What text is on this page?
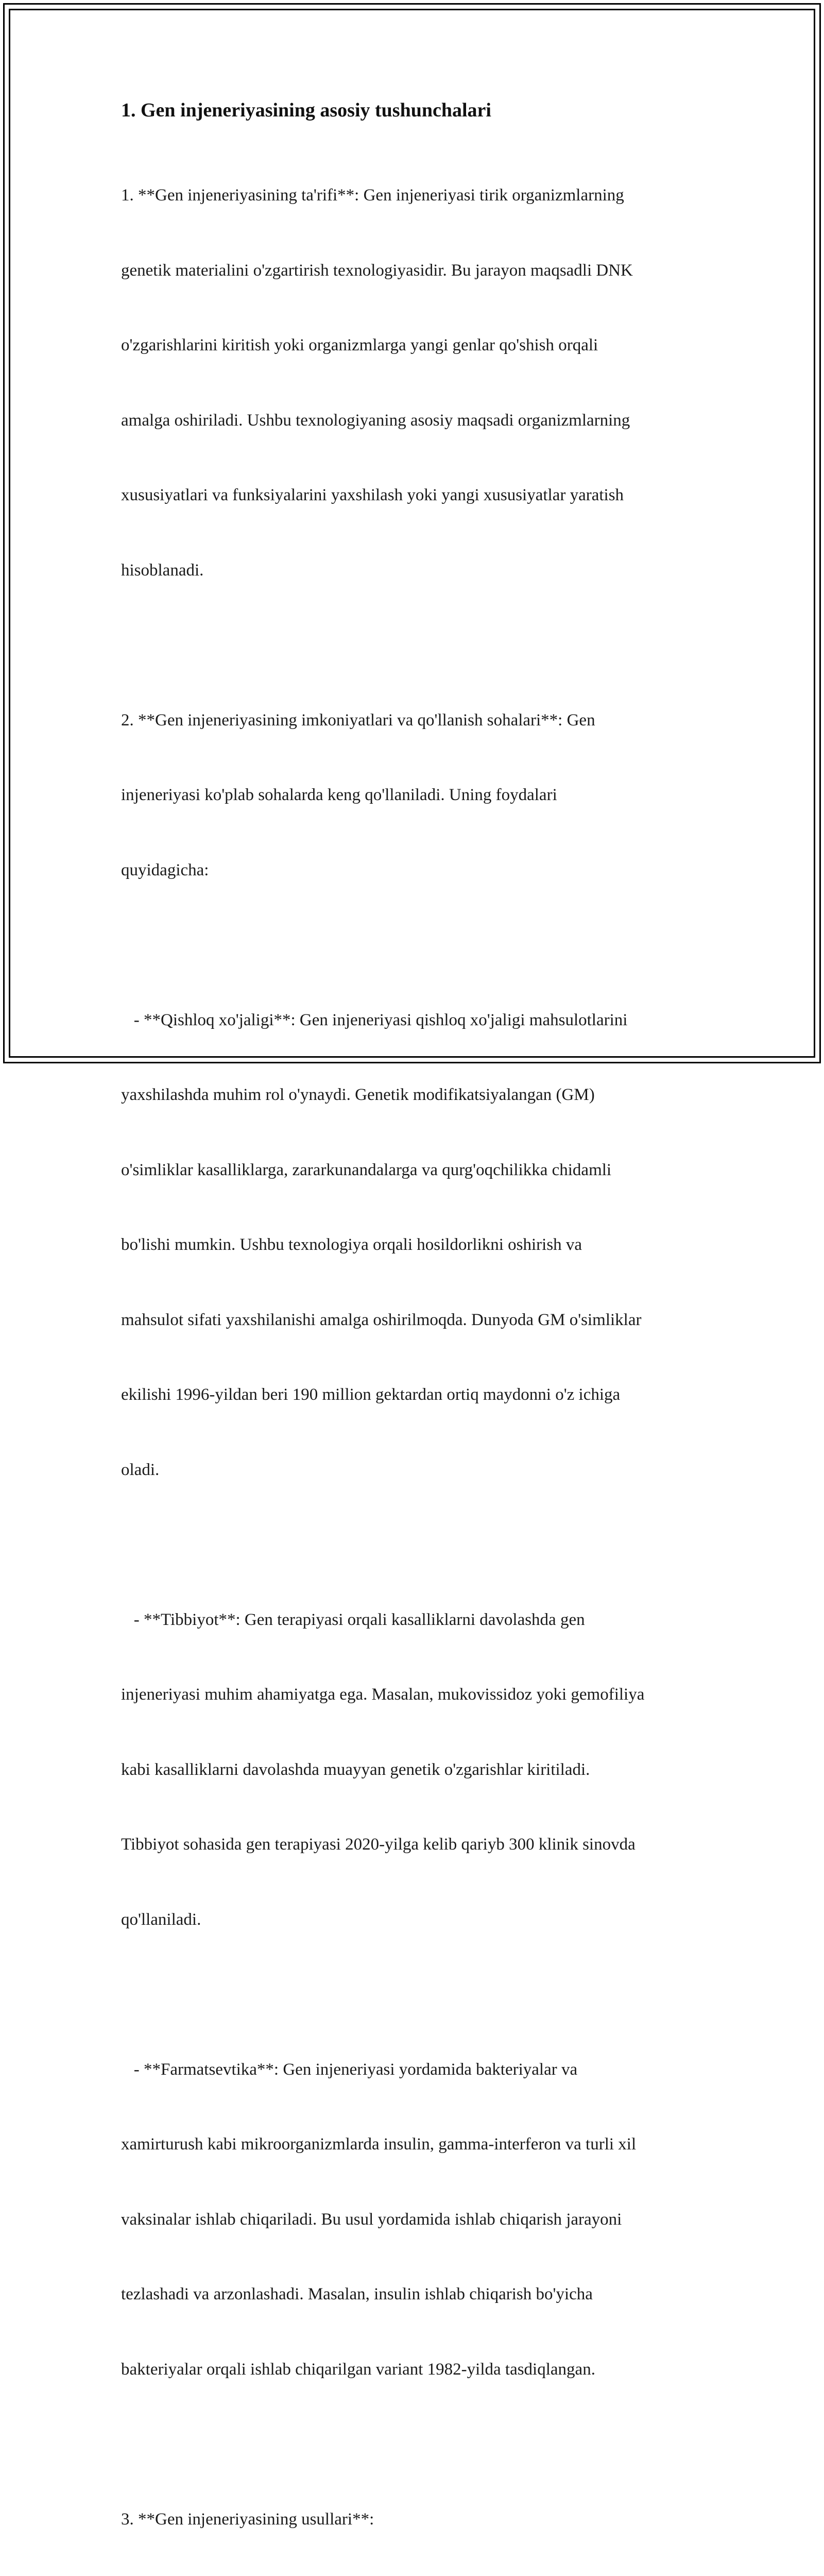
1. Gen injeneriyasining asosiy tushunchalari

1. **Gen injeneriyasining ta'rifi**: Gen injeneriyasi tirik organizmlarning

genetik materialini o'zgartirish texnologiyasidir. Bu jarayon maqsadli DNK

o'zgarishlarini kiritish yoki organizmlarga yangi genlar qo'shish orqali

amalga oshiriladi. Ushbu texnologiyaning asosiy maqsadi organizmlarning

xususiyatlari va funksiyalarini yaxshilash yoki yangi xususiyatlar yaratish

hisoblanadi.

2. **Gen injeneriyasining imkoniyatlari va qo'llanish sohalari**: Gen

injeneriyasi ko'plab sohalarda keng qo'llaniladi. Uning foydalari

quyidagicha:

- **Qishloq xo'jaligi**: Gen injeneriyasi qishloq xo'jaligi mahsulotlarini

yaxshilashda muhim rol o'ynaydi. Genetik modifikatsiyalangan (GM)

o'simliklar kasalliklarga, zararkunandalarga va qurg'oqchilikka chidamli

bo'lishi mumkin. Ushbu texnologiya orqali hosildorlikni oshirish va

mahsulot sifati yaxshilanishi amalga oshirilmoqda. Dunyoda GM o'simliklar

ekilishi 1996-yildan beri 190 million gektardan ortiq maydonni o'z ichiga

oladi.

- **Tibbiyot**: Gen terapiyasi orqali kasalliklarni davolashda gen

injeneriyasi muhim ahamiyatga ega. Masalan, mukovissidoz yoki gemofiliya

kabi kasalliklarni davolashda muayyan genetik o'zgarishlar kiritiladi.

Tibbiyot sohasida gen terapiyasi 2020-yilga kelib qariyb 300 klinik sinovda

qo'llaniladi.

- **Farmatsevtika**: Gen injeneriyasi yordamida bakteriyalar va

xamirturush kabi mikroorganizmlarda insulin, gamma-interferon va turli xil

vaksinalar ishlab chiqariladi. Bu usul yordamida ishlab chiqarish jarayoni

tezlashadi va arzonlashadi. Masalan, insulin ishlab chiqarish bo'yicha

bakteriyalar orqali ishlab chiqarilgan variant 1982-yilda tasdiqlangan.

3. **Gen injeneriyasining usullari**:
